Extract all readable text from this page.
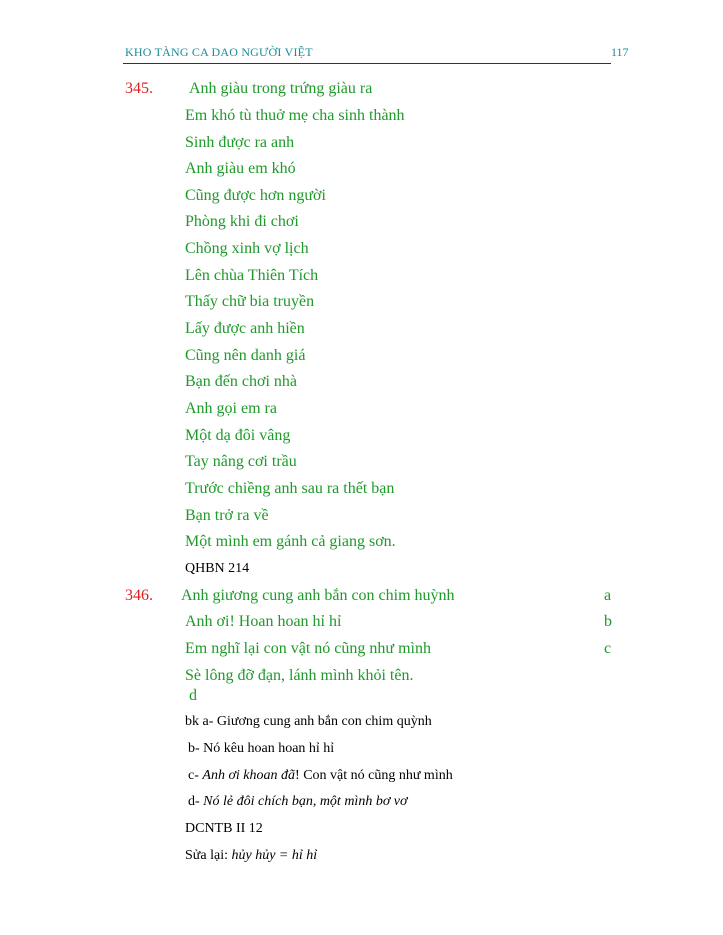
KHO TÀNG CA DAO NGƯỜI VIỆT	117
345. Anh giàu trong trứng giàu ra
Em khó tù thuở mẹ cha sinh thành
Sinh được ra anh
Anh giàu em khó
Cũng được hơn người
Phòng khi đi chơi
Chồng xinh vợ lịch
Lên chùa Thiên Tích
Thấy chữ bia truyền
Lấy được anh hiền
Cũng nên danh giá
Bạn đến chơi nhà
Anh gọi em ra
Một dạ đôi vâng
Tay nâng cơi trầu
Trước chiềng anh sau ra thết bạn
Bạn trở ra về
Một mình em gánh cả giang sơn.
QHBN 214
346. Anh giương cung anh bắn con chim huỳnh	a
Anh ơi! Hoan hoan hỉ hỉ	b
Em nghĩ lại con vật nó cũng như mình	c
Sè lông đỡ đạn, lánh mình khỏi tên.
d
bk a- Giương cung anh bắn con chim quỳnh
b- Nó kêu hoan hoan hỉ hỉ
c- Anh ơi khoan đã! Con vật nó cũng như mình
d- Nó lẻ đôi chích bạn, một mình bơ vơ
DCNTB II 12
Sửa lại: hủy hủy = hỉ hỉ
